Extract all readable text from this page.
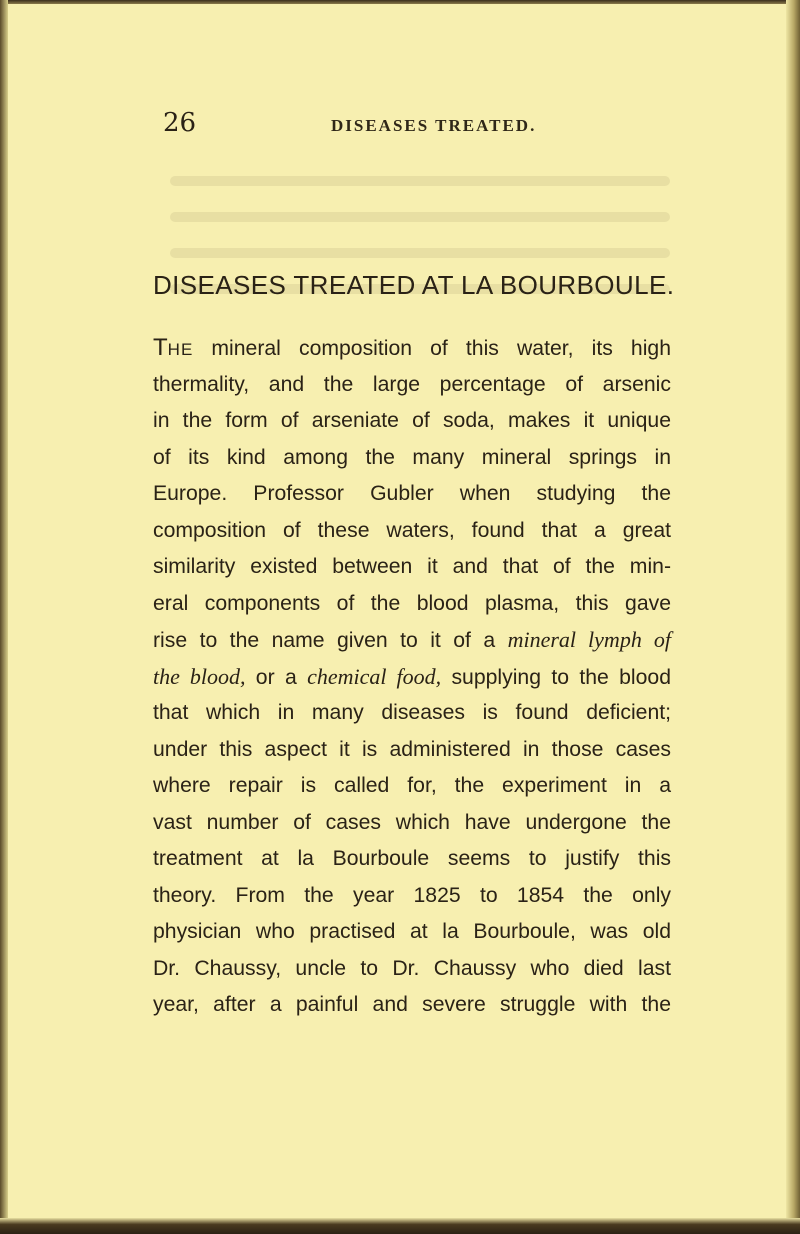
26	DISEASES TREATED.
DISEASES TREATED AT LA BOURBOULE.
THE mineral composition of this water, its high
thermality, and the large percentage of arsenic
in the form of arseniate of soda, makes it unique
of its kind among the many mineral springs in
Europe. Professor Gubler when studying the
composition of these waters, found that a great
similarity existed between it and that of the min-
eral components of the blood plasma, this gave
rise to the name given to it of a mineral lymph of
the blood, or a chemical food, supplying to the blood
that which in many diseases is found deficient;
under this aspect it is administered in those cases
where repair is called for, the experiment in a
vast number of cases which have undergone the
treatment at la Bourboule seems to justify this
theory. From the year 1825 to 1854 the only
physician who practised at la Bourboule, was old
Dr. Chaussy, uncle to Dr. Chaussy who died last
year, after a painful and severe struggle with the
